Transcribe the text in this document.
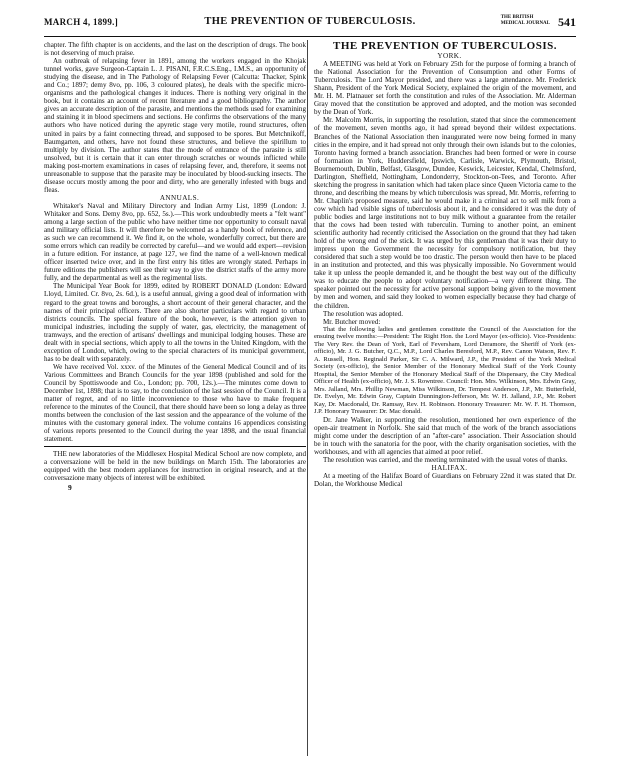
MARCH 4, 1899.]	THE PREVENTION OF TUBERCULOSIS.	THE BRITISH
MEDICAL JOURNAL 541

chapter. The fifth chapter is on accidents, and the last on the description of drugs. The book is not deserving of much praise.

An outbreak of relapsing fever in 1891, among the workers engaged in the Khojak tunnel works, gave Surgeon-Captain L. J. PISANI, F.R.C.S.Eng., I.M.S., an opportunity of studying the disease, and in The Pathology of Relapsing Fever (Calcutta: Thacker, Spink and Co.; 1897; demy 8vo, pp. 106, 3 coloured plates), he deals with the specific micro-organisms and the pathological changes it induces. There is nothing very original in the book, but it contains an account of recent literature and a good bibliography. The author gives an accurate description of the parasite, and mentions the methods used for examining and staining it in blood specimens and sections. He confirms the observations of the many authors who have noticed during the apyretic stage very motile, round structures, often united in pairs by a faint connecting thread, and supposed to be spores. But Metchnikoff, Baumgarten, and others, have not found these structures, and believe the spirillum to multiply by division. The author states that the mode of entrance of the parasite is still unsolved, but it is certain that it can enter through scratches or wounds inflicted while making post-mortem examinations in cases of relapsing fever, and, therefore, it seems not unreasonable to suppose that the parasite may be inoculated by blood-sucking insects. The disease occurs mostly among the poor and dirty, who are generally infested with bugs and fleas.

ANNUALS.

Whitaker's Naval and Military Directory and Indian Army List, 1899 (London: J. Whitaker and Sons. Demy 8vo, pp. 652, 5s.).—This work undoubtedly meets a "felt want" among a large section of the public who have neither time nor opportunity to consult naval and military official lists. It will therefore be welcomed as a handy book of reference, and as such we can recommend it. We find it, on the whole, wonderfully correct, but there are some errors which can readily be corrected by careful—and we would add expert—revision in a future edition. For instance, at page 127, we find the name of a well-known medical officer inserted twice over, and in the first entry his titles are wrongly stated. Perhaps in future editions the publishers will see their way to give the district staffs of the army more fully, and the departmental as well as the regimental lists.

The Municipal Year Book for 1899, edited by ROBERT DONALD (London: Edward Lloyd, Limited. Cr. 8vo, 2s. 6d.), is a useful annual, giving a good deal of information with regard to the great towns and boroughs, a short account of their general character, and the names of their principal officers. There are also shorter particulars with regard to urban districts councils. The special feature of the book, however, is the attention given to municipal industries, including the supply of water, gas, electricity, the management of tramways, and the erection of artisans' dwellings and municipal lodging houses. These are dealt with in special sections, which apply to all the towns in the United Kingdom, with the exception of London, which, owing to the special characters of its municipal government, has to be dealt with separately.

We have received Vol. xxxv. of the Minutes of the General Medical Council and of its Various Committees and Branch Councils for the year 1898 (published and sold for the Council by Spottiswoode and Co., London; pp. 700, 12s.).—The minutes come down to December 1st, 1898; that is to say, to the conclusion of the last session of the Council. It is a matter of regret, and of no little inconvenience to those who have to make frequent reference to the minutes of the Council, that there should have been so long a delay as three months between the conclusion of the last session and the appearance of the volume of the minutes with the customary general index. The volume contains 16 appendices consisting of various reports presented to the Council during the year 1898, and the usual financial statement.

THE new laboratories of the Middlesex Hospital Medical School are now complete, and a conversazione will be held in the new buildings on March 15th. The laboratories are equipped with the best modern appliances for instruction in original research, and at the conversazione many objects of interest will be exhibited.

9
THE PREVENTION OF TUBERCULOSIS.

YORK.

A MEETING was held at York on February 25th for the purpose of forming a branch of the National Association for the Prevention of Consumption and other Forms of Tuberculosis. The Lord Mayor presided, and there was a large attendance. Mr. Frederick Shann, President of the York Medical Society, explained the origin of the movement, and Mr. H. M. Platnauer set forth the constitution and rules of the Association. Mr. Alderman Gray moved that the constitution be approved and adopted, and the motion was seconded by the Dean of York.

Mr. Malcolm Morris, in supporting the resolution, stated that since the commencement of the movement, seven months ago, it had spread beyond their wildest expectations. Branches of the National Association then inaugurated were now being formed in many cities in the empire, and it had spread not only through their own islands but to the colonies, Toronto having formed a branch association. Branches had been formed or were in course of formation in York, Huddersfield, Ipswich, Carlisle, Warwick, Plymouth, Bristol, Bournemouth, Dublin, Belfast, Glasgow, Dundee, Keswick, Leicester, Kendal, Chelmsford, Darlington, Sheffield, Nottingham, Londonderry, Stockton-on-Tees, and Toronto. After sketching the progress in sanitation which had taken place since Queen Victoria came to the throne, and describing the means by which tuberculosis was spread, Mr. Morris, referring to Mr. Chaplin's proposed measure, said he would make it a criminal act to sell milk from a cow which had visible signs of tuberculosis about it, and he considered it was the duty of public bodies and large institutions not to buy milk without a guarantee from the retailer that the cows had been tested with tuberculin. Turning to another point, an eminent scientific authority had recently criticised the Association on the ground that they had taken hold of the wrong end of the stick. It was urged by this gentleman that it was their duty to impress upon the Government the necessity for compulsory notification, but they considered that such a step would be too drastic. The person would then have to be placed in an institution and protected, and this was physically impossible. No Government would take it up unless the people demanded it, and he thought the best way out of the difficulty was to educate the people to adopt voluntary notification—a very different thing. The speaker pointed out the necessity for active personal support being given to the movement by men and women, and said they looked to women especially because they had charge of the children.

The resolution was adopted.

Mr. Butcher moved:

That the following ladies and gentlemen constitute the Council of the Association for the ensuing twelve months:—President: The Right Hon. the Lord Mayor (ex-officio). Vice-Presidents: The Very Rev. the Dean of York, Earl of Feversham, Lord Deramore, the Sheriff of York (ex-officio), Mr. J. G. Butcher, Q.C., M.P., Lord Charles Beresford, M.P., Rev. Canon Watson, Rev. F. A. Russell, Hon. Reginald Parker, Sir C. A. Milward, J.P., the President of the York Medical Society (ex-officio), the Senior Member of the Honorary Medical Staff of the York County Hospital, the Senior Member of the Honorary Medical Staff of the Dispensary, the City Medical Officer of Health (ex-officio), Mr. J. S. Rowntree. Council: Hon. Mrs. Wilkinson, Mrs. Edwin Gray, Mrs. Jalland, Mrs. Phillip Newman, Miss Wilkinson, Dr. Tempest Anderson, J.P., Mr. Butterfield, Dr. Evelyn, Mr. Edwin Gray, Captain Dunnington-Jefferson, Mr. W. H. Jalland, J.P., Mr. Robert Kay, Dr. Macdonald, Dr. Ramsay, Rev. H. Robinson. Honorary Treasurer: Mr. W. F. H. Thomson, J.P. Honorary Treasurer: Dr. Mac donald.

Dr. Jane Walker, in supporting the resolution, mentioned her own experience of the open-air treatment in Norfolk. She said that much of the work of the branch associations might come under the description of an "after-care" association. Their Association should be in touch with the sanatoria for the poor, with the charity organisation societies, with the workhouses, and with all agencies that aimed at poor relief.

The resolution was carried, and the meeting terminated with the usual votes of thanks.

HALIFAX.

At a meeting of the Halifax Board of Guardians on February 22nd it was stated that Dr. Dolan, the Workhouse Medical
